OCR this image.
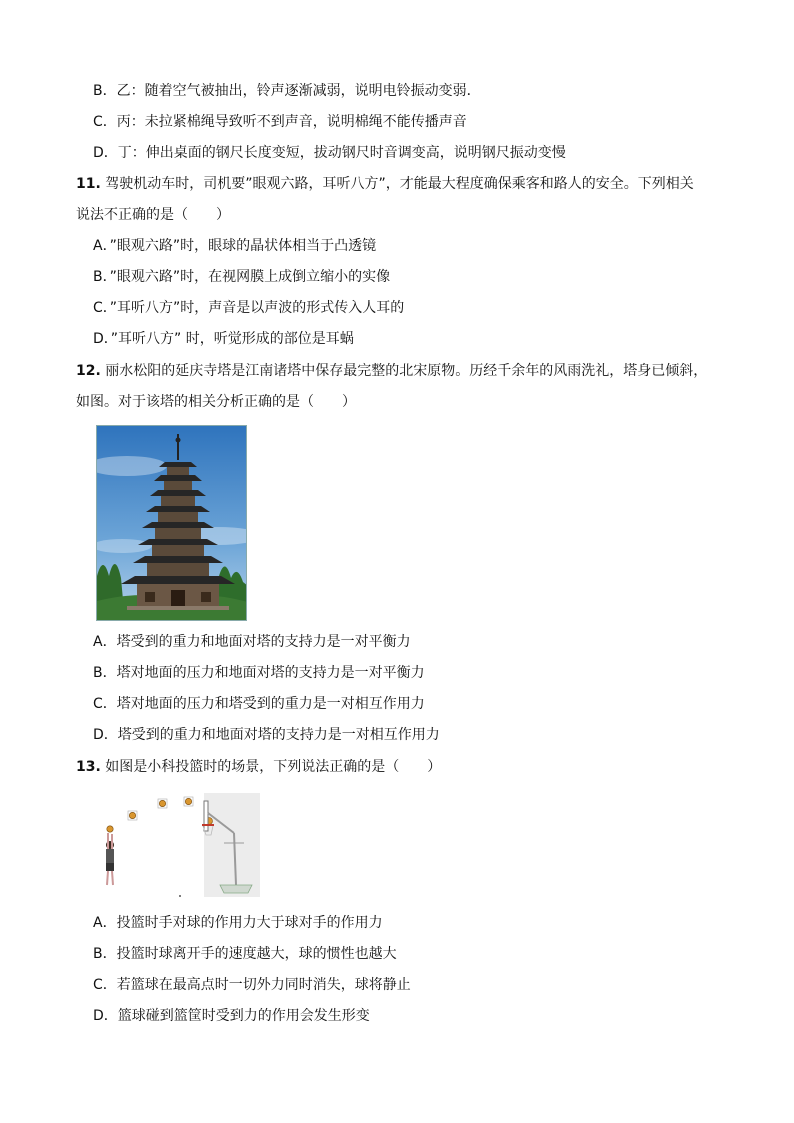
B．乙：随着空气被抽出，铃声逐渐减弱，说明电铃振动变弱．
C．丙：未拉紧棉绳导致听不到声音，说明棉绳不能传播声音
D．丁：伸出桌面的钢尺长度变短，拔动钢尺时音调变高，说明钢尺振动变慢
11. 驾驶机动车时，司机要”眼观六路，耳听八方”，才能最大程度确保乘客和路人的安全。下列相关
说法不正确的是（　　）
A．”眼观六路”时，眼球的晶状体相当于凸透镜
B．”眼观六路”时，在视网膜上成倒立缩小的实像
C．”耳听八方”时，声音是以声波的形式传入人耳的
D．”耳听八方” 时，听觉形成的部位是耳蜗
12. 丽水松阳的延庆寺塔是江南诸塔中保存最完整的北宋原物。历经千余年的风雨洗礼，塔身已倾斜，
如图。对于该塔的相关分析正确的是（　　）
A．塔受到的重力和地面对塔的支持力是一对平衡力
B．塔对地面的压力和地面对塔的支持力是一对平衡力
C．塔对地面的压力和塔受到的重力是一对相互作用力
D．塔受到的重力和地面对塔的支持力是一对相互作用力
13. 如图是小科投篮时的场景，下列说法正确的是（　　）
A．投篮时手对球的作用力大于球对手的作用力
B．投篮时球离开手的速度越大，球的惯性也越大
C．若篮球在最高点时一切外力同时消失，球将静止
D．篮球碰到篮筐时受到力的作用会发生形变
